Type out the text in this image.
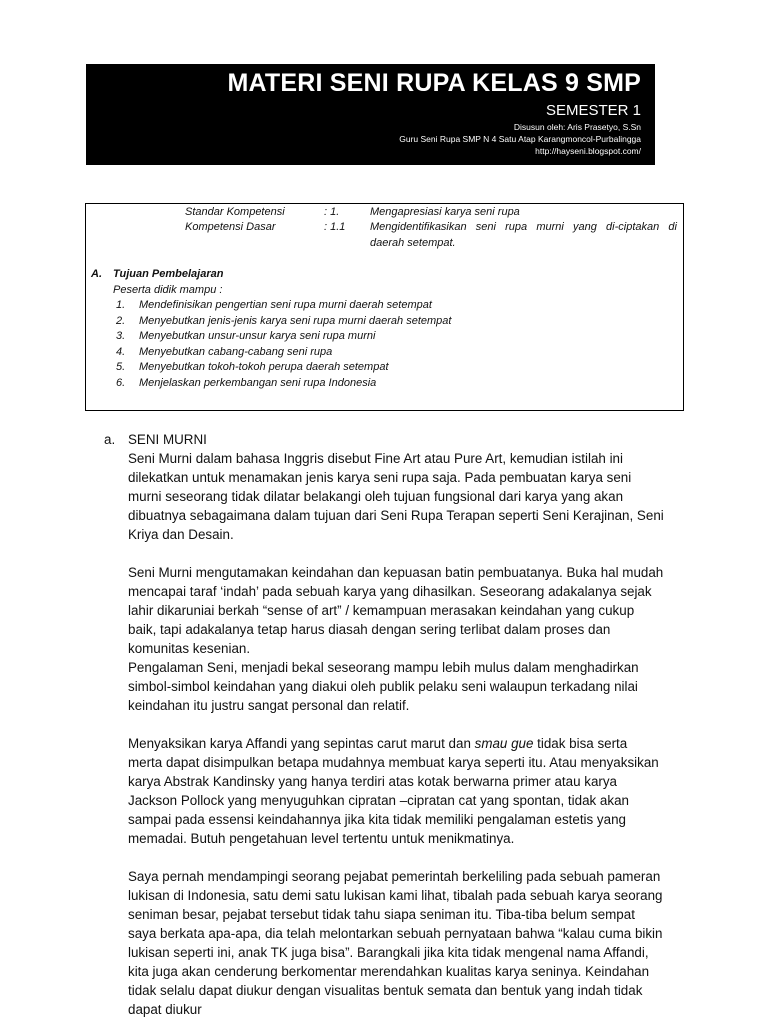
MATERI SENI RUPA KELAS 9 SMP
SEMESTER 1
Disusun oleh: Aris Prasetyo, S.Sn
Guru Seni Rupa SMP N 4 Satu Atap Karangmoncol-Purbalingga
http://hayseni.blogspot.com/
Standar Kompetensi	: 1.	Mengapresiasi karya seni rupa
Kompetensi Dasar	: 1.1 Mengidentifikasikan seni rupa murni yang di-ciptakan di daerah setempat.
A. Tujuan Pembelajaran
Peserta didik mampu :
1. Mendefinisikan pengertian seni rupa murni daerah setempat
2. Menyebutkan jenis-jenis karya seni rupa murni daerah setempat
3. Menyebutkan unsur-unsur karya seni rupa murni
4. Menyebutkan cabang-cabang seni rupa
5. Menyebutkan tokoh-tokoh perupa daerah setempat
6. Menjelaskan perkembangan seni rupa Indonesia
a. SENI MURNI

Seni Murni dalam bahasa Inggris disebut Fine Art atau Pure Art, kemudian istilah ini dilekatkan untuk menamakan jenis karya seni rupa saja. Pada pembuatan karya seni murni seseorang tidak dilatar belakangi oleh tujuan fungsional dari karya yang akan dibuatnya sebagaimana dalam tujuan dari Seni Rupa Terapan seperti Seni Kerajinan, Seni Kriya dan Desain.

Seni Murni mengutamakan keindahan dan kepuasan batin pembuatanya. Buka hal mudah mencapai taraf ‘indah’ pada sebuah karya yang dihasilkan. Seseorang adakalanya sejak lahir dikaruniai berkah “sense of art” / kemampuan merasakan keindahan yang cukup baik, tapi adakalanya tetap harus diasah dengan sering terlibat dalam proses dan komunitas kesenian.

Pengalaman Seni, menjadi bekal seseorang mampu lebih mulus dalam menghadirkan simbol-simbol keindahan yang diakui oleh publik pelaku seni walaupun terkadang nilai keindahan itu justru sangat personal dan relatif.

Menyaksikan karya Affandi yang sepintas carut marut dan smau gue tidak bisa serta merta dapat disimpulkan betapa mudahnya membuat karya seperti itu. Atau menyaksikan karya Abstrak Kandinsky yang hanya terdiri atas kotak berwarna primer atau karya Jackson Pollock yang menyuguhkan cipratan –cipratan cat yang spontan, tidak akan sampai pada essensi keindahannya jika kita tidak memiliki pengalaman estetis yang memadai. Butuh pengetahuan level tertentu untuk menikmatinya.

Saya pernah mendampingi seorang pejabat pemerintah berkeliling pada sebuah pameran lukisan di Indonesia, satu demi satu lukisan kami lihat, tibalah pada sebuah karya seorang seniman besar, pejabat tersebut tidak tahu siapa seniman itu. Tiba-tiba belum sempat saya berkata apa-apa, dia telah melontarkan sebuah pernyataan bahwa “kalau cuma bikin lukisan seperti ini, anak TK juga bisa”. Barangkali jika kita tidak mengenal nama Affandi, kita juga akan cenderung berkomentar merendahkan kualitas karya seninya. Keindahan tidak selalu dapat diukur dengan visualitas bentuk semata dan bentuk yang indah tidak dapat diukur
